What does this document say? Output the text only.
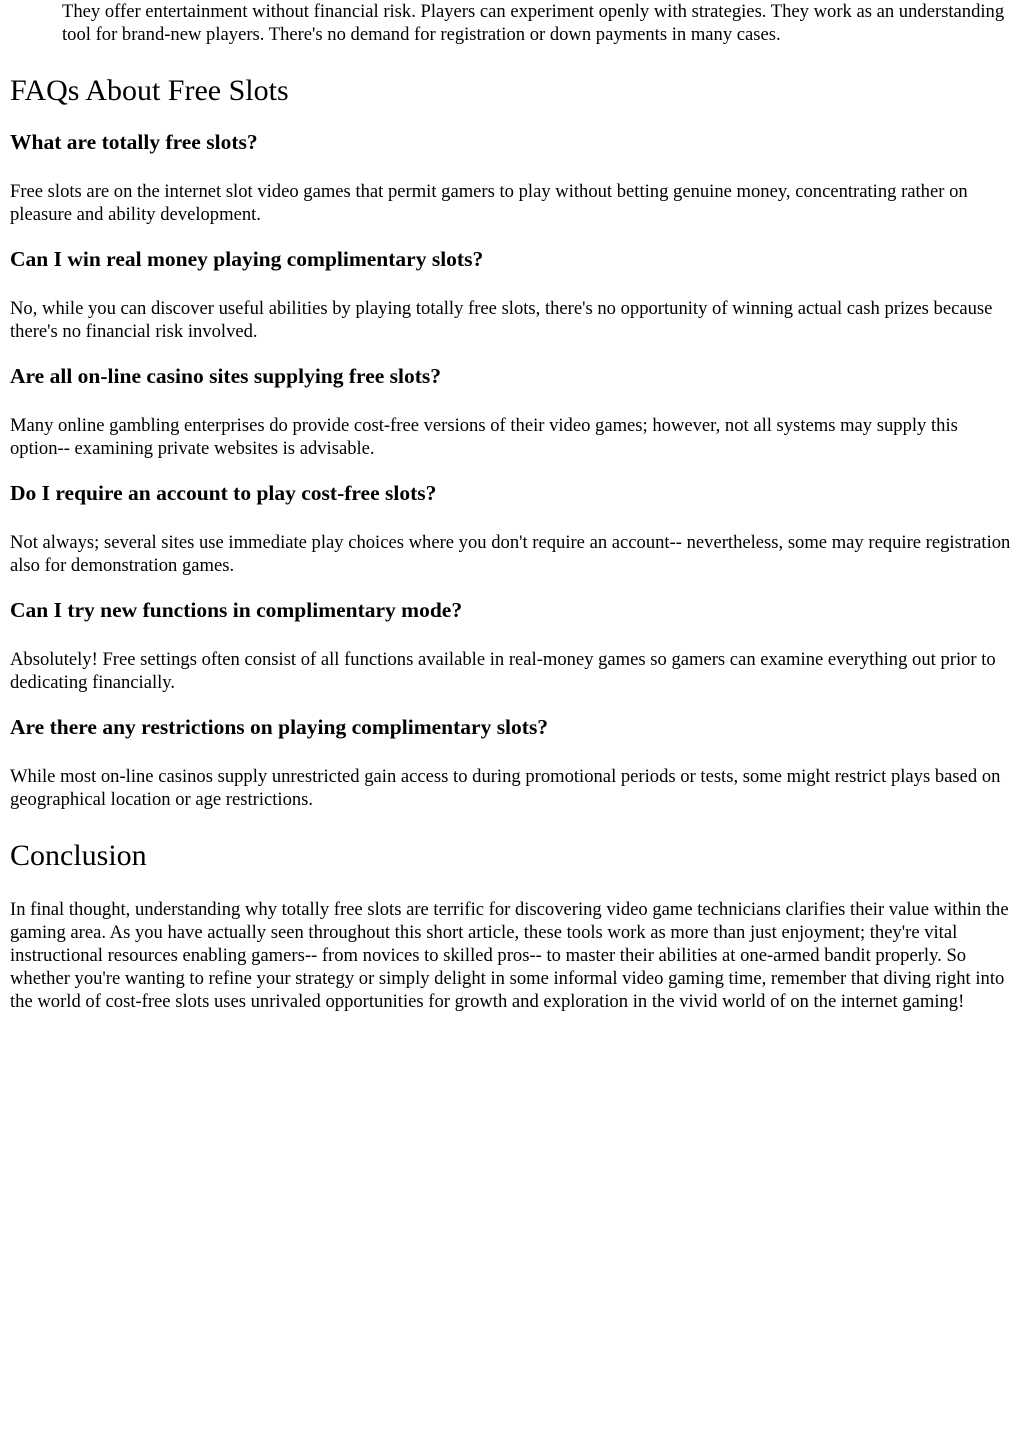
They offer entertainment without financial risk. Players can experiment openly with strategies. They work as an understanding tool for brand-new players. There's no demand for registration or down payments in many cases.

FAQs About Free Slots
What are totally free slots?

Free slots are on the internet slot video games that permit gamers to play without betting genuine money, concentrating rather on pleasure and ability development.

Can I win real money playing complimentary slots?

No, while you can discover useful abilities by playing totally free slots, there's no opportunity of winning actual cash prizes because there's no financial risk involved.

Are all on-line casino sites supplying free slots?

Many online gambling enterprises do provide cost-free versions of their video games; however, not all systems may supply this option-- examining private websites is advisable.

Do I require an account to play cost-free slots?

Not always; several sites use immediate play choices where you don't require an account-- nevertheless, some may require registration also for demonstration games.

Can I try new functions in complimentary mode?

Absolutely! Free settings often consist of all functions available in real-money games so gamers can examine everything out prior to dedicating financially.

Are there any restrictions on playing complimentary slots?

While most on-line casinos supply unrestricted gain access to during promotional periods or tests, some might restrict plays based on geographical location or age restrictions.

Conclusion

In final thought, understanding why totally free slots are terrific for discovering video game technicians clarifies their value within the gaming area. As you have actually seen throughout this short article, these tools work as more than just enjoyment; they're vital instructional resources enabling gamers-- from novices to skilled pros-- to master their abilities at one-armed bandit properly. So whether you're wanting to refine your strategy or simply delight in some informal video gaming time, remember that diving right into the world of cost-free slots uses unrivaled opportunities for growth and exploration in the vivid world of on the internet gaming!
